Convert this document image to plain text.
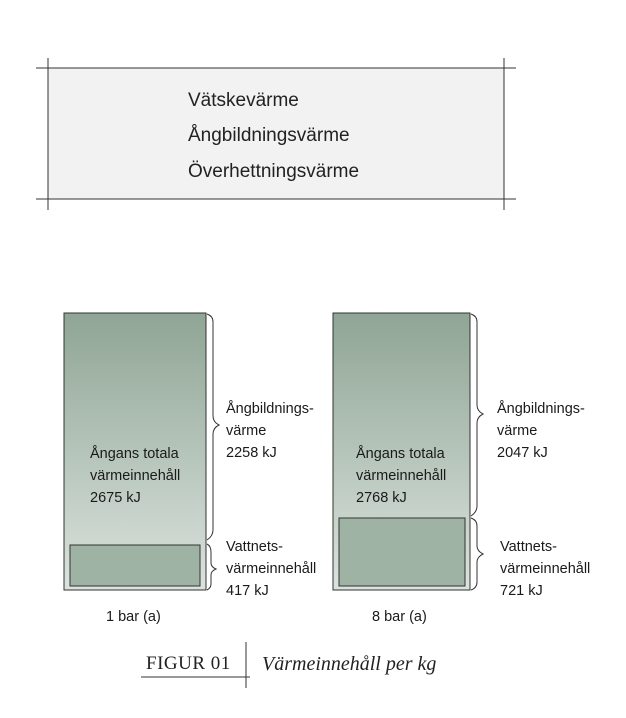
Vätskevärme
Ångbildningsvärme
Överhettningsvärme
Ångans totala
värmeinnehåll
2675 kJ
Ångbildnings-
värme
2258 kJ
Vattnets-
värmeinnehåll
417 kJ
1 bar (a)
Ångans totala
värmeinnehåll
2768 kJ
Ångbildnings-
värme
2047 kJ
Vattnets-
värmeinnehåll
721 kJ
8 bar (a)
FIGUR 01 Värmeinnehåll per kg
